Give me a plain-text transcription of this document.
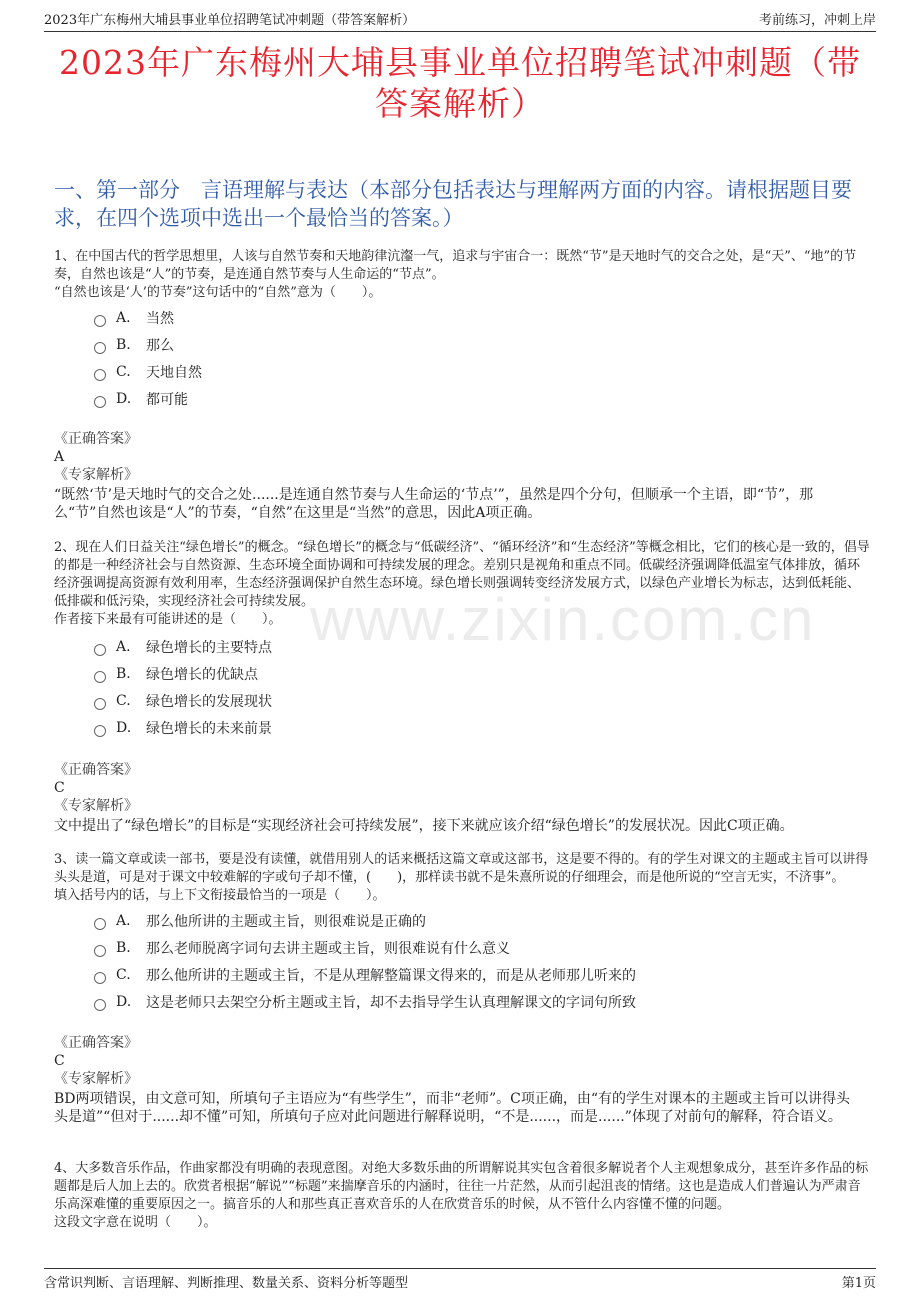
2023年广东梅州大埔县事业单位招聘笔试冲刺题（带答案解析）	考前练习，冲刺上岸
2023年广东梅州大埔县事业单位招聘笔试冲刺题（带答案解析）
一、第一部分　言语理解与表达（本部分包括表达与理解两方面的内容。请根据题目要求，在四个选项中选出一个最恰当的答案。）
www.zixin.com.cn

1、在中国古代的哲学思想里，人该与自然节奏和天地韵律沆瀣一气，追求与宇宙合一：既然“节”是天地时气的交合之处，是“天”、“地”的节奏，自然也该是“人”的节奏，是连通自然节奏与人生命运的“节点”。

“自然也该是‘人’的节奏”这句话中的“自然”意为（　　）。

A.	当然
B.	那么
C.	天地自然
D.	都可能
《正确答案》
A
《专家解析》
“既然‘节’是天地时气的交合之处......是连通自然节奏与人生命运的‘节点’”，虽然是四个分句，但顺承一个主语，即“节”，那么“节”自然也该是“人”的节奏，“自然”在这里是“当然”的意思，因此A项正确。

2、现在人们日益关注“绿色增长”的概念。“绿色增长”的概念与“低碳经济”、“循环经济”和“生态经济”等概念相比，它们的核心是一致的，倡导的都是一种经济社会与自然资源、生态环境全面协调和可持续发展的理念。差别只是视角和重点不同。低碳经济强调降低温室气体排放，循环经济强调提高资源有效利用率，生态经济强调保护自然生态环境。绿色增长则强调转变经济发展方式，以绿色产业增长为标志，达到低耗能、低排碳和低污染，实现经济社会可持续发展。

作者接下来最有可能讲述的是（　　）。

A.	绿色增长的主要特点
B.	绿色增长的优缺点
C.	绿色增长的发展现状
D.	绿色增长的未来前景
《正确答案》
C
《专家解析》
文中提出了“绿色增长”的目标是“实现经济社会可持续发展”，接下来就应该介绍“绿色增长”的发展状况。因此C项正确。

3、读一篇文章或读一部书，要是没有读懂，就借用别人的话来概括这篇文章或这部书，这是要不得的。有的学生对课文的主题或主旨可以讲得头头是道，可是对于课文中较难解的字或句子却不懂，(　　)，那样读书就不是朱熹所说的仔细理会，而是他所说的“空言无实，不济事”。

填入括号内的话，与上下文衔接最恰当的一项是（　　）。

A.	那么他所讲的主题或主旨，则很难说是正确的
B.	那么老师脱离字词句去讲主题或主旨，则很难说有什么意义
C.	那么他所讲的主题或主旨，不是从理解整篇课文得来的，而是从老师那儿听来的
D.	这是老师只去架空分析主题或主旨，却不去指导学生认真理解课文的字词句所致
《正确答案》
C
《专家解析》
BD两项错误，由文意可知，所填句子主语应为“有些学生”，而非“老师”。C项正确，由“有的学生对课本的主题或主旨可以讲得头头是道”“但对于......却不懂”可知，所填句子应对此问题进行解释说明，“不是......，而是......”体现了对前句的解释，符合语义。

4、大多数音乐作品，作曲家都没有明确的表现意图。对绝大多数乐曲的所谓解说其实包含着很多解说者个人主观想象成分，甚至许多作品的标题都是后人加上去的。欣赏者根据“解说”“标题”来揣摩音乐的内涵时，往往一片茫然，从而引起沮丧的情绪。这也是造成人们普遍认为严肃音乐高深难懂的重要原因之一。搞音乐的人和那些真正喜欢音乐的人在欣赏音乐的时候，从不管什么内容懂不懂的问题。

这段文字意在说明（　　）。

含常识判断、言语理解、判断推理、数量关系、资料分析等题型	第1页
